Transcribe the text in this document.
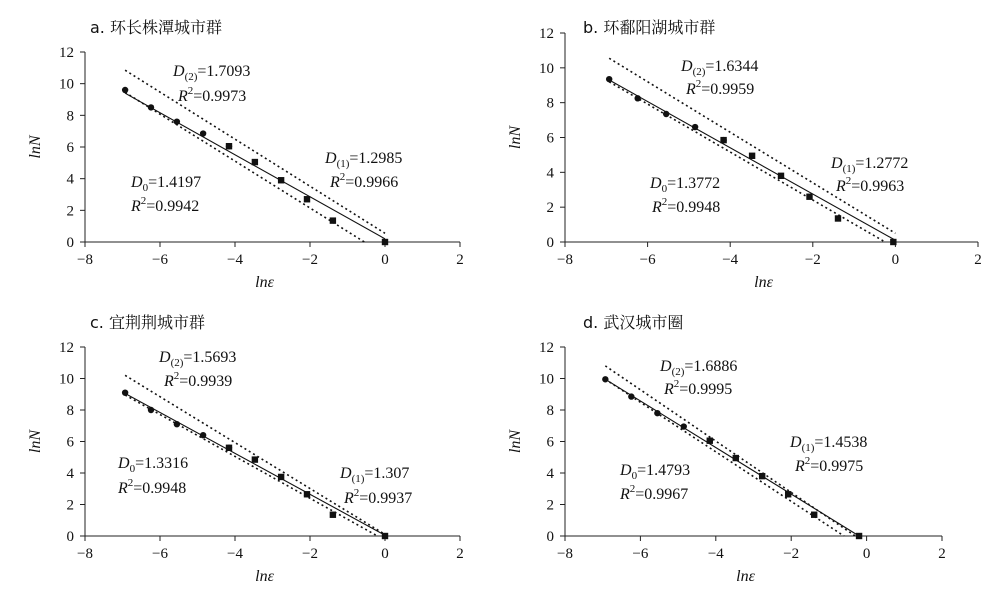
−8	−6	−4	−2	0	2
0
2
4
6
8
10
12
lnε
lnN
a. 环长株潭城市群
$D_{(2)}=1.7093$
$R^2=0.9973$
$D_0=1.4197$
$R^2=0.9942$
$D_{(1)}=1.2985$
$R^2=0.9966$
−8	−6	−4	−2	0	2
0
2
4
6
8
10
12
lnε
lnN
b. 环鄱阳湖城市群
$D_{(2)}=1.6344$
$R^2=0.9959$
$D_0=1.3772$
$R^2=0.9948$
$D_{(1)}=1.2772$
$R^2=0.9963$
−8	−6	−4	−2	0	2
0
2
4
6
8
10
12
lnε
lnN
c. 宜荆荆城市群
$D_{(2)}=1.5693$
$R^2=0.9939$
$D_0=1.3316$
$R^2=0.9948$
$D_{(1)}=1.307$
$R^2=0.9937$
−8	−6	−4	−2	0	2
0
2
4
6
8
10
12
lnε
lnN
d. 武汉城市圈
$D_{(2)}=1.6886$
$R^2=0.9995$
$D_0=1.4793$
$R^2=0.9967$
$D_{(1)}=1.4538$
$R^2=0.9975$
